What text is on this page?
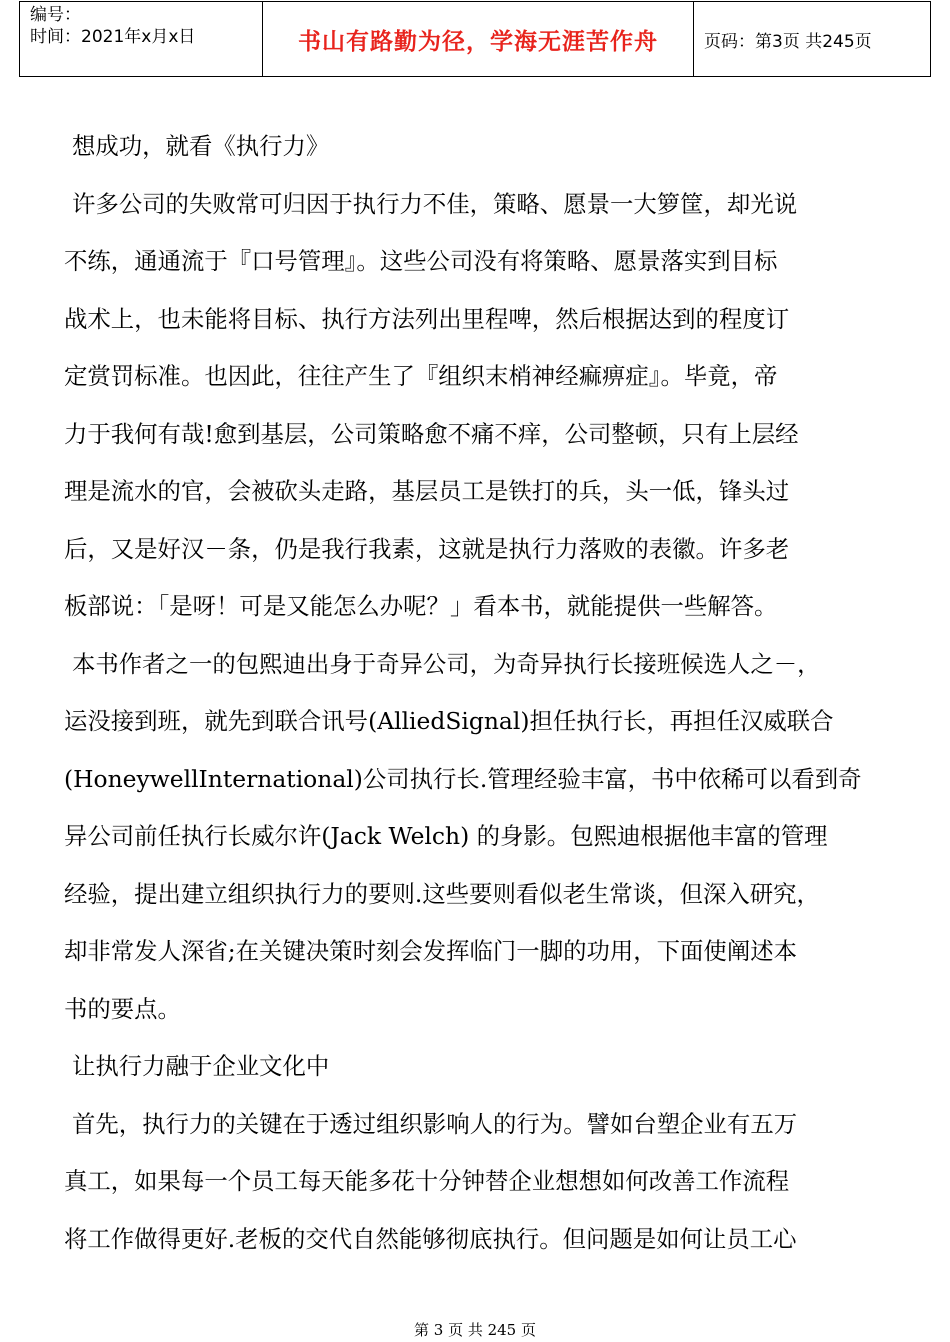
编号：
时间：2021年x月x日	书山有路勤为径，学海无涯苦作舟	页码：第3页 共245页
想成功，就看《执行力》
许多公司的失败常可归因于执行力不佳，策略、愿景一大箩筐，却光说
不练，通通流于『口号管理』。这些公司没有将策略、愿景落实到目标
战术上，也未能将目标、执行方法列出里程啤，然后根据达到的程度订
定赏罚标准。也因此，往往产生了『组织末梢神经痲痹症』。毕竟，帝
力于我何有哉!愈到基层，公司策略愈不痛不痒，公司整顿，只有上层经
理是流水的官，会被砍头走路，基层员工是铁打的兵，头一低，锋头过
后，又是好汉－条，仍是我行我素，这就是执行力落败的表徽。许多老
板部说：「是呀！可是又能怎么办呢？」看本书，就能提供一些解答。
本书作者之一的包熙迪出身于奇异公司，为奇异执行长接班候选人之－，
运没接到班，就先到联合讯号(AlliedSignal)担任执行长，再担任汉威联合
(HoneywellInternational)公司执行长.管理经验丰富，书中依稀可以看到奇
异公司前任执行长威尔许(Jack Welch) 的身影。包熙迪根据他丰富的管理
经验，提出建立组织执行力的要则.这些要则看似老生常谈，但深入研究，
却非常发人深省;在关键决策时刻会发挥临门一脚的功用，下面使阐述本
书的要点。
让执行力融于企业文化中
首先，执行力的关键在于透过组织影响人的行为。譬如台塑企业有五万
真工，如果每一个员工每天能多花十分钟替企业想想如何改善工作流程
将工作做得更好.老板的交代自然能够彻底执行。但问题是如何让员工心
第 3 页 共 245 页
